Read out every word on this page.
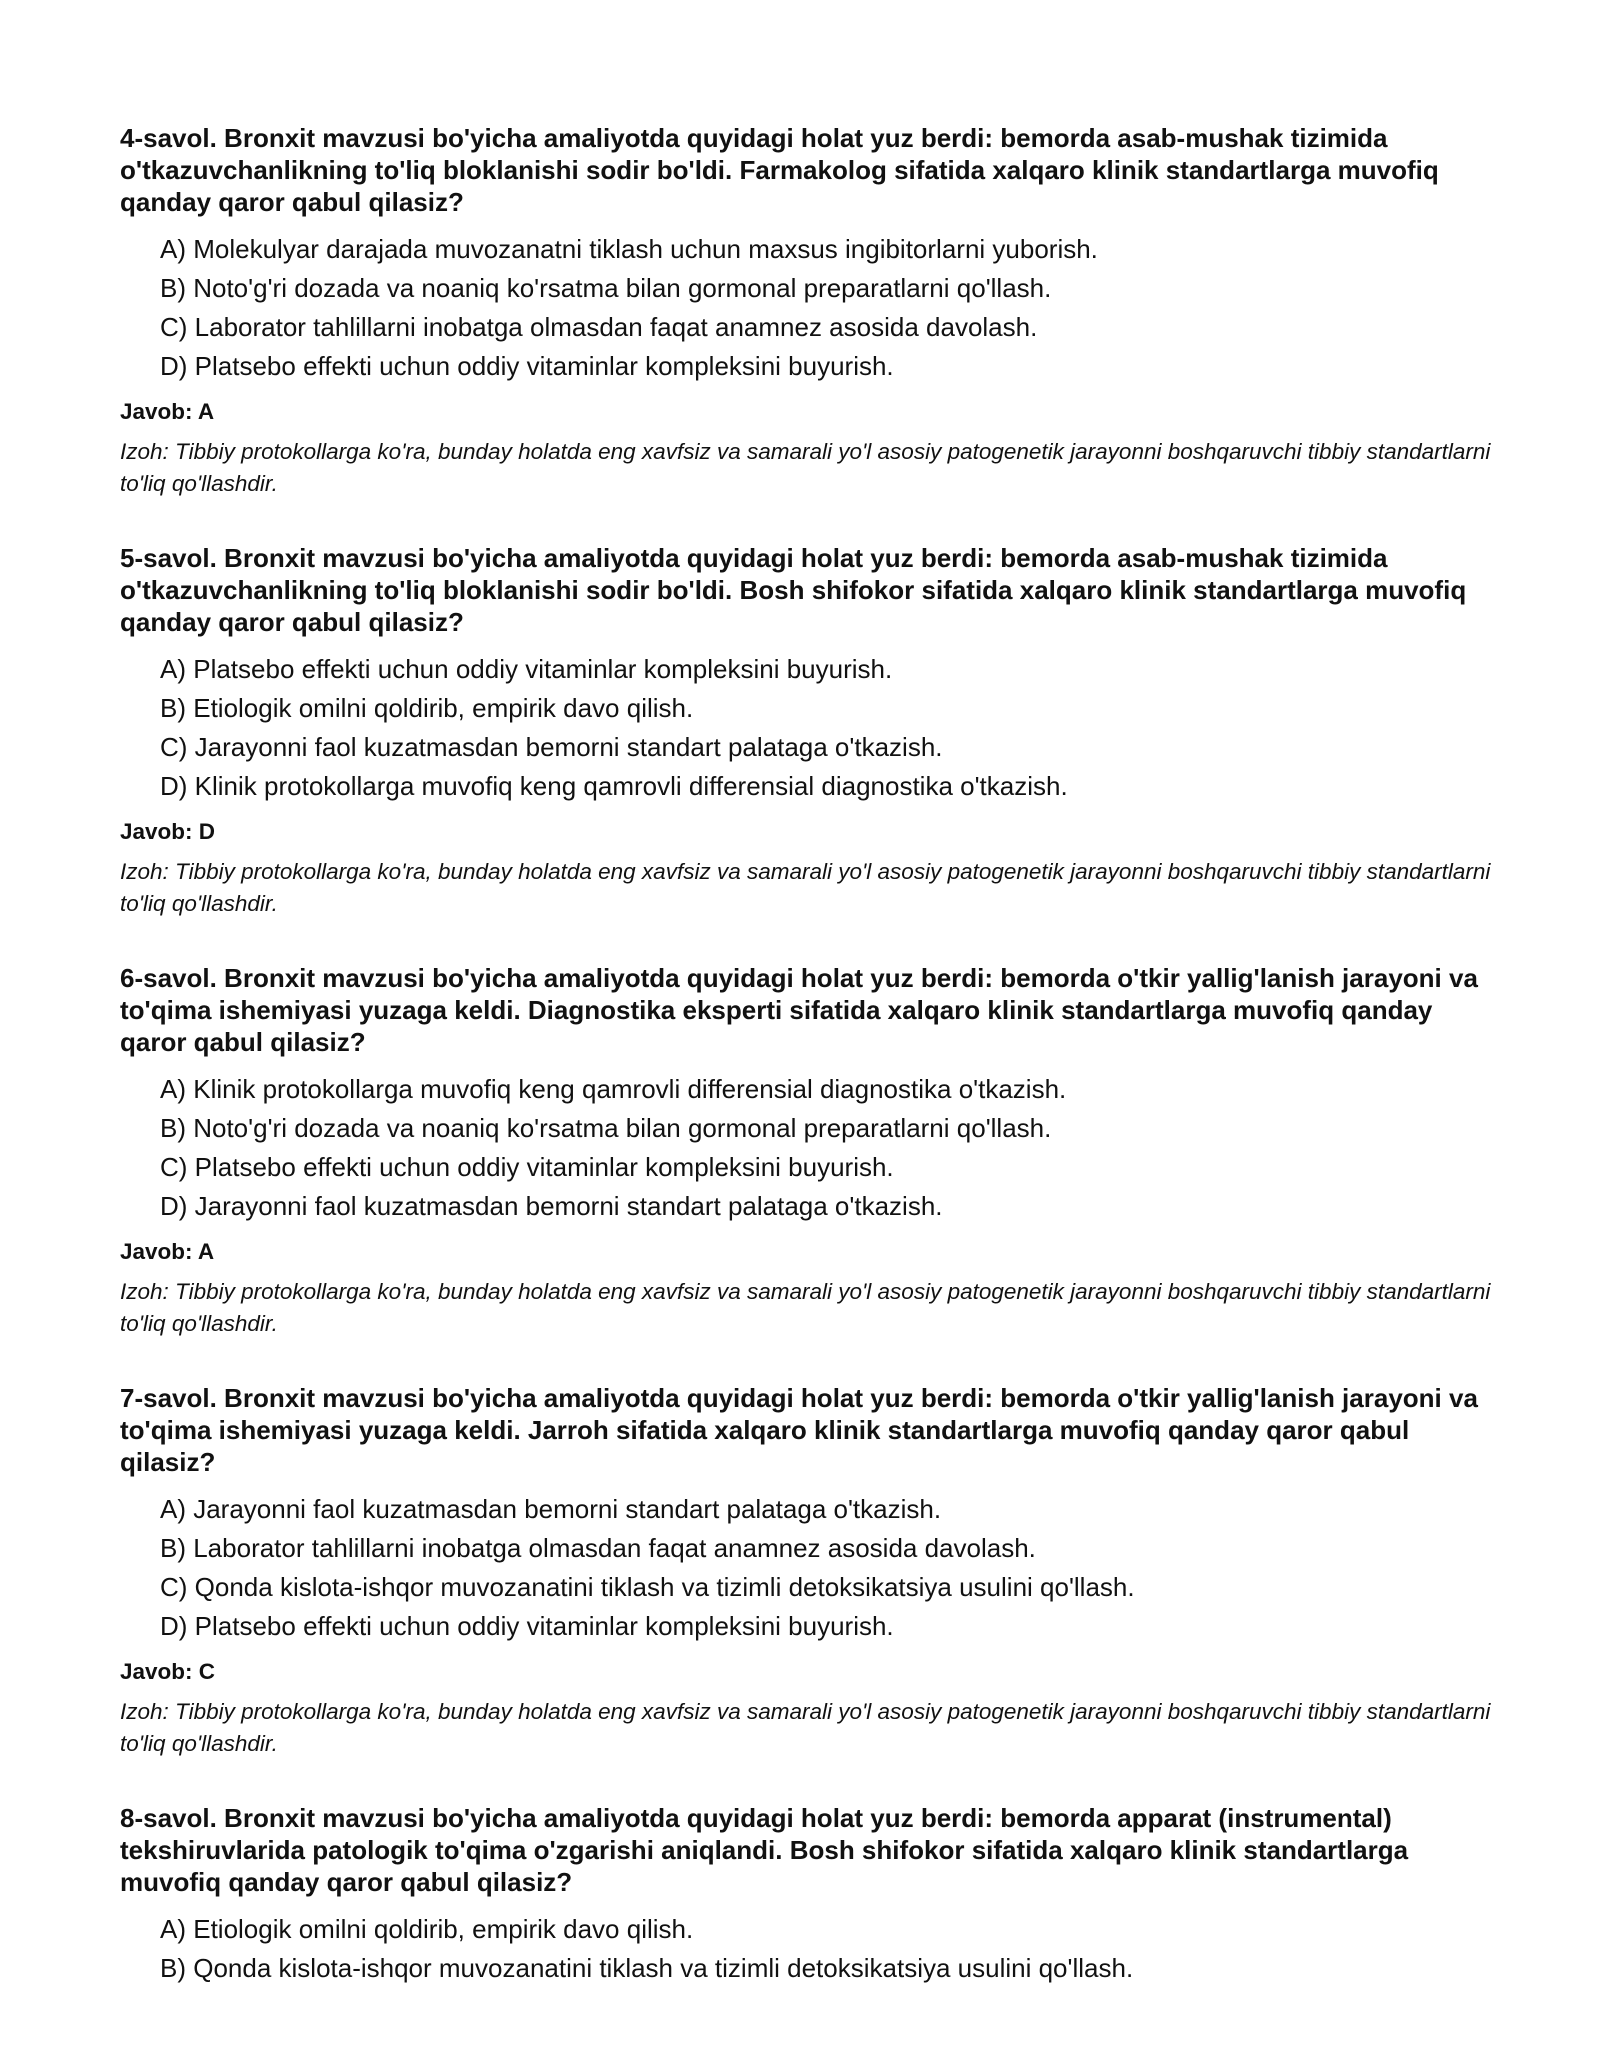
4-savol. Bronxit mavzusi bo'yicha amaliyotda quyidagi holat yuz berdi: bemorda asab-mushak tizimida o'tkazuvchanlikning to'liq bloklanishi sodir bo'ldi. Farmakolog sifatida xalqaro klinik standartlarga muvofiq qanday qaror qabul qilasiz?
A) Molekulyar darajada muvozanatni tiklash uchun maxsus ingibitorlarni yuborish.
B) Noto'g'ri dozada va noaniq ko'rsatma bilan gormonal preparatlarni qo'llash.
C) Laborator tahlillarni inobatga olmasdan faqat anamnez asosida davolash.
D) Platsebo effekti uchun oddiy vitaminlar kompleksini buyurish.
Javob: A

Izoh: Tibbiy protokollarga ko'ra, bunday holatda eng xavfsiz va samarali yo'l asosiy patogenetik jarayonni boshqaruvchi tibbiy standartlarni to'liq qo'llashdir.

5-savol. Bronxit mavzusi bo'yicha amaliyotda quyidagi holat yuz berdi: bemorda asab-mushak tizimida o'tkazuvchanlikning to'liq bloklanishi sodir bo'ldi. Bosh shifokor sifatida xalqaro klinik standartlarga muvofiq qanday qaror qabul qilasiz?
A) Platsebo effekti uchun oddiy vitaminlar kompleksini buyurish.
B) Etiologik omilni qoldirib, empirik davo qilish.
C) Jarayonni faol kuzatmasdan bemorni standart palataga o'tkazish.
D) Klinik protokollarga muvofiq keng qamrovli differensial diagnostika o'tkazish.
Javob: D

Izoh: Tibbiy protokollarga ko'ra, bunday holatda eng xavfsiz va samarali yo'l asosiy patogenetik jarayonni boshqaruvchi tibbiy standartlarni to'liq qo'llashdir.

6-savol. Bronxit mavzusi bo'yicha amaliyotda quyidagi holat yuz berdi: bemorda o'tkir yallig'lanish jarayoni va to'qima ishemiyasi yuzaga keldi. Diagnostika eksperti sifatida xalqaro klinik standartlarga muvofiq qanday qaror qabul qilasiz?
A) Klinik protokollarga muvofiq keng qamrovli differensial diagnostika o'tkazish.
B) Noto'g'ri dozada va noaniq ko'rsatma bilan gormonal preparatlarni qo'llash.
C) Platsebo effekti uchun oddiy vitaminlar kompleksini buyurish.
D) Jarayonni faol kuzatmasdan bemorni standart palataga o'tkazish.
Javob: A

Izoh: Tibbiy protokollarga ko'ra, bunday holatda eng xavfsiz va samarali yo'l asosiy patogenetik jarayonni boshqaruvchi tibbiy standartlarni to'liq qo'llashdir.

7-savol. Bronxit mavzusi bo'yicha amaliyotda quyidagi holat yuz berdi: bemorda o'tkir yallig'lanish jarayoni va to'qima ishemiyasi yuzaga keldi. Jarroh sifatida xalqaro klinik standartlarga muvofiq qanday qaror qabul qilasiz?
A) Jarayonni faol kuzatmasdan bemorni standart palataga o'tkazish.
B) Laborator tahlillarni inobatga olmasdan faqat anamnez asosida davolash.
C) Qonda kislota-ishqor muvozanatini tiklash va tizimli detoksikatsiya usulini qo'llash.
D) Platsebo effekti uchun oddiy vitaminlar kompleksini buyurish.
Javob: C

Izoh: Tibbiy protokollarga ko'ra, bunday holatda eng xavfsiz va samarali yo'l asosiy patogenetik jarayonni boshqaruvchi tibbiy standartlarni to'liq qo'llashdir.

8-savol. Bronxit mavzusi bo'yicha amaliyotda quyidagi holat yuz berdi: bemorda apparat (instrumental) tekshiruvlarida patologik to'qima o'zgarishi aniqlandi. Bosh shifokor sifatida xalqaro klinik standartlarga muvofiq qanday qaror qabul qilasiz?
A) Etiologik omilni qoldirib, empirik davo qilish.
B) Qonda kislota-ishqor muvozanatini tiklash va tizimli detoksikatsiya usulini qo'llash.
